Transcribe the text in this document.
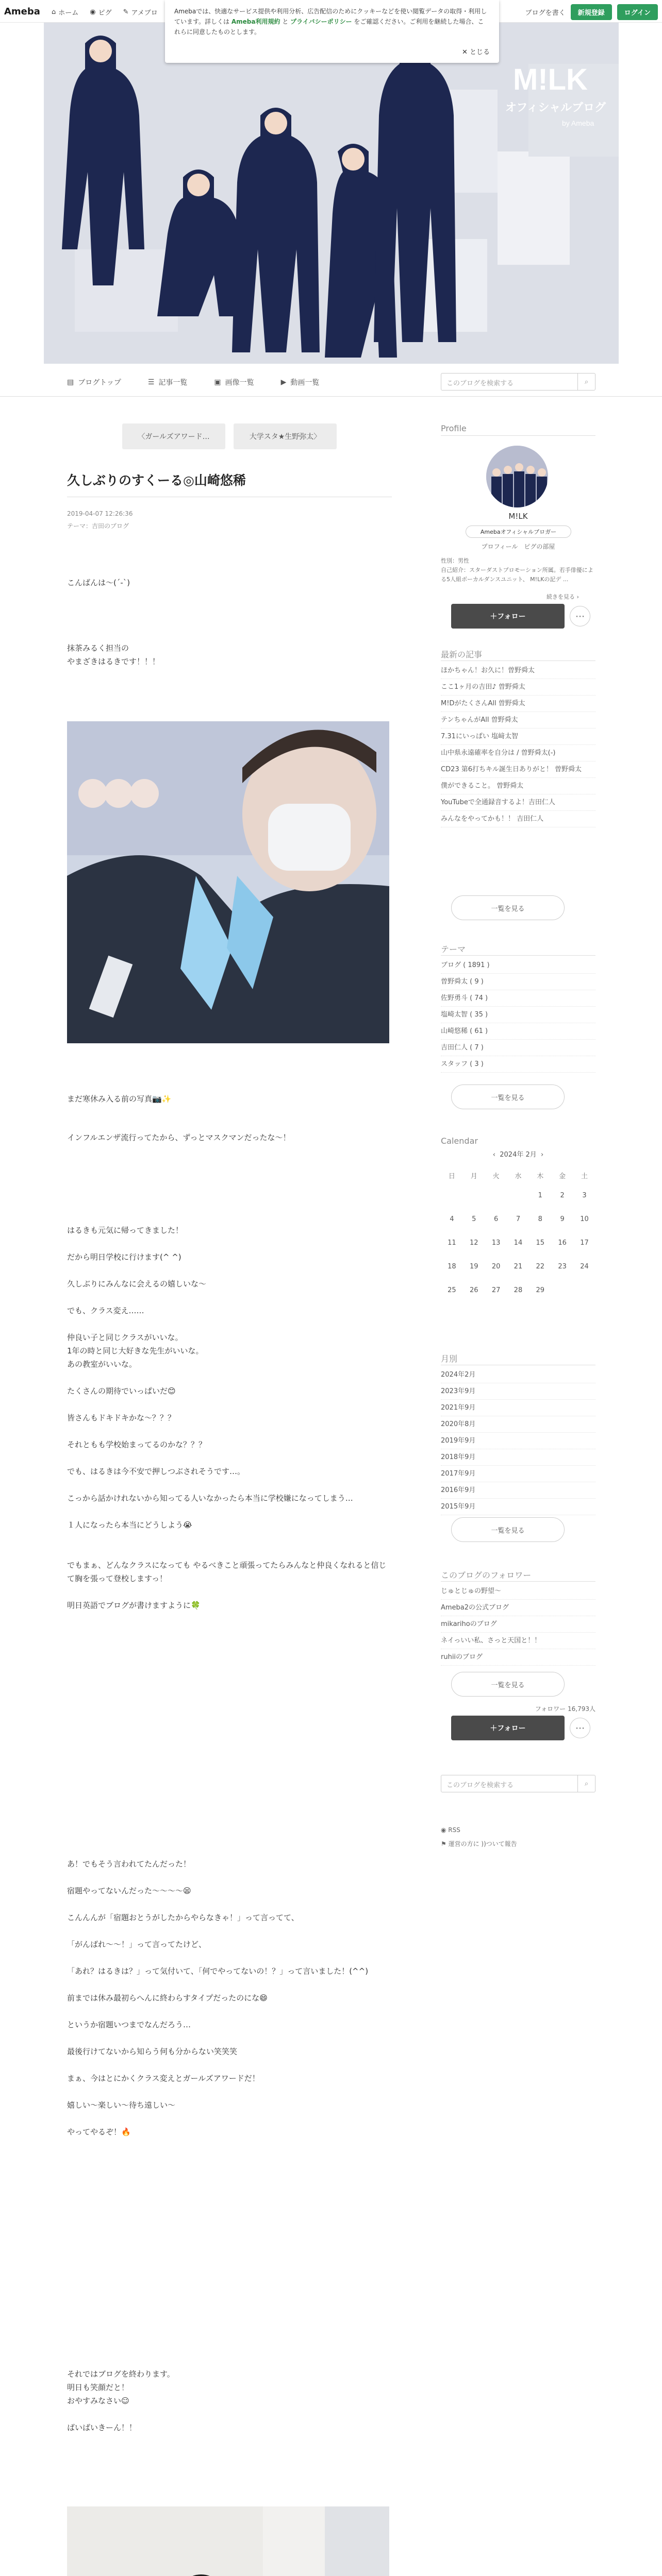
Ameba ⌂ ホーム ◉ ピグ ✎ アメブロ	ブログを書く	新規登録	ログイン
M!LK
オフィシャルブログ
by Ameba
Amebaでは、快適なサービス提供や利用分析、広告配信のためにクッキーなどを使い閲覧データの取得・利用しています。詳しくは Ameba利用規約 と プライバシーポリシー をご確認ください。ご利用を継続した場合、これらに同意したものとします。
✕ とじる
▤ ブログトップ	☰ 記事一覧	▣ 画像一覧	▶ 動画一覧	このブログを検索する	⌕
〈ガールズアワード…	大学スタ★生野弥太〉
久しぶりのすくーる◎山崎悠稀
2019-04-07 12:26:36
テーマ：吉田のブログ
こんばんは～(´-`)
抹茶みるく担当の
やまざきはるきです！！！
まだ寒休み入る前の写真📷✨
インフルエンザ流行ってたから、ずっとマスクマンだったな～！
はるきも元気に帰ってきました！

だから明日学校に行けます(^ ^)

久しぶりにみんなに会えるの嬉しいな～

でも、クラス変え……

仲良い子と同じクラスがいいな。
1年の時と同じ大好きな先生がいいな。
あの教室がいいな。

たくさんの期待でいっぱいだ😊

皆さんもドキドキかな～？？？

それともも学校始まってるのかな？？？

でも、はるきは今不安で押しつぶされそうです…。

こっから話かけれないから知ってる人いなかったら本当に学校嫌になってしまう…

１人になったら本当にどうしよう😭

でもまぁ、どんなクラスになっても やるべきこと頑張ってたらみんなと仲良くなれると信じて胸を張って登校しますっ！

明日英語でブログが書けますように🍀
あ！でもそう言われてたんだった！

宿題やってないんだった～～～～😫

こんんんが「宿題おとうがしたからやらなきゃ！」って言ってて、

「がんばれ～～！」って言ってたけど、

「あれ？はるきは？」って気付いて、「何でやってないの！？」って言いました！(^^)

前までは休み最初らへんに終わらすタイプだったのにな😄

というか宿題いつまでなんだろう…

最後行けてないから知らう何も分からない笑笑笑

まぁ、今はとにかくクラス変えとガールズアワードだ！

嬉しい～楽しい～待ち遠しい～

やってやるぞ！🔥
それではブログを終わります。
明日も笑顔だと！
おやすみなさい☺

ばいばいきーん！！
Profile
M!LK
Amebaオフィシャルブロガー
プロフィール　ピグの部屋
性別：男性
自己紹介：スターダストプロモーション所属。若手俳優による5人組ボーカルダンスユニット、 M!LKの記デ ...
続きを見る ›
＋フォロー	⋯
最新の記事
ほかちゃん！お久に！曽野舜太
ここ1ヶ月の吉田♪ 曽野舜太
M!DがたくさんAll 曽野舜太
テンちゃんがAll 曽野舜太
7.31にいっぱい 塩﨑太智
山中県永遠確率を自分は / 曽野舜太(-)
CD23 第6打ちキル誕生日ありがと！ 曽野舜太
僕ができること。 曽野舜太
YouTubeで全通録音するよ！吉田仁人
みんなをやってかも！！ 吉田仁人
一覧を見る
テーマ
ブログ ( 1891 )
曽野舜太 ( 9 )
佐野勇斗 ( 74 )
塩崎太智 ( 35 )
山崎悠稀 ( 61 )
吉田仁人 ( 7 )
スタッフ ( 3 )
一覧を見る
Calendar
‹ 2024年 2月 ›
日	月	火	水	木	金	土
				1	2	3
4	5	6	7	8	9	10
11	12	13	14	15	16	17
18	19	20	21	22	23	24
25	26	27	28	29		
月別
2024年2月
2023年9月
2021年9月
2020年8月
2019年9月
2018年9月
2017年9月
2016年9月
2015年9月
一覧を見る
このブログのフォロワー
じゅとじゅの野望～
Ameba2の公式ブログ
mikarihoのブログ
ネイっいい私、さっと天国と！！
ruhiiのブログ
一覧を見る
フォロワー 16,793人
＋フォロー	⋯
このブログを検索する	⌕
◉ RSS
⚑ 運営の方に ))ついて報告
